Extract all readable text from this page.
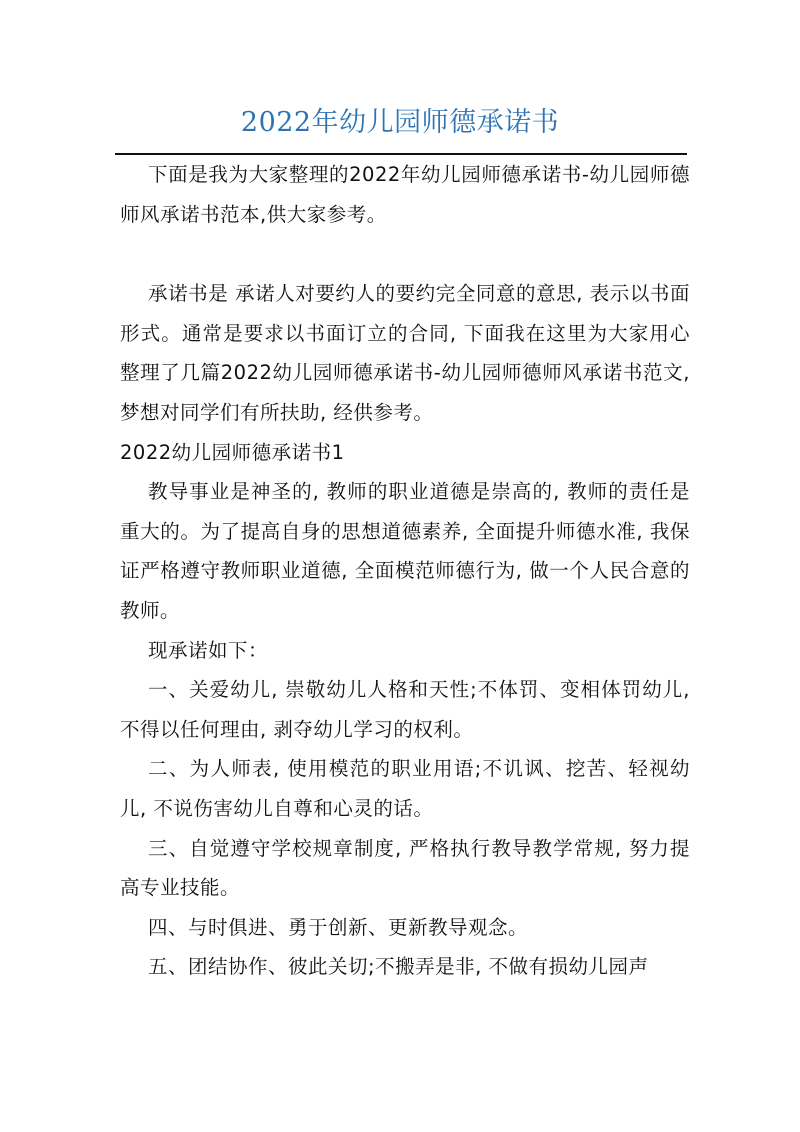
2022年幼儿园师德承诺书

下面是我为大家整理的2022年幼儿园师德承诺书-幼儿园师德师风承诺书范本,供大家参考。

承诺书是 承诺人对要约人的要约完全同意的意思, 表示以书面形式。通常是要求以书面订立的合同, 下面我在这里为大家用心整理了几篇2022幼儿园师德承诺书-幼儿园师德师风承诺书范文, 梦想对同学们有所扶助, 经供参考。

2022幼儿园师德承诺书1

教导事业是神圣的, 教师的职业道德是崇高的, 教师的责任是重大的。为了提高自身的思想道德素养, 全面提升师德水准, 我保证严格遵守教师职业道德, 全面模范师德行为, 做一个人民合意的教师。

现承诺如下：

一、关爱幼儿, 崇敬幼儿人格和天性;不体罚、变相体罚幼儿, 不得以任何理由, 剥夺幼儿学习的权利。

二、为人师表, 使用模范的职业用语;不讥讽、挖苦、轻视幼儿, 不说伤害幼儿自尊和心灵的话。

三、自觉遵守学校规章制度, 严格执行教导教学常规, 努力提高专业技能。

四、与时俱进、勇于创新、更新教导观念。

五、团结协作、彼此关切;不搬弄是非, 不做有损幼儿园声
